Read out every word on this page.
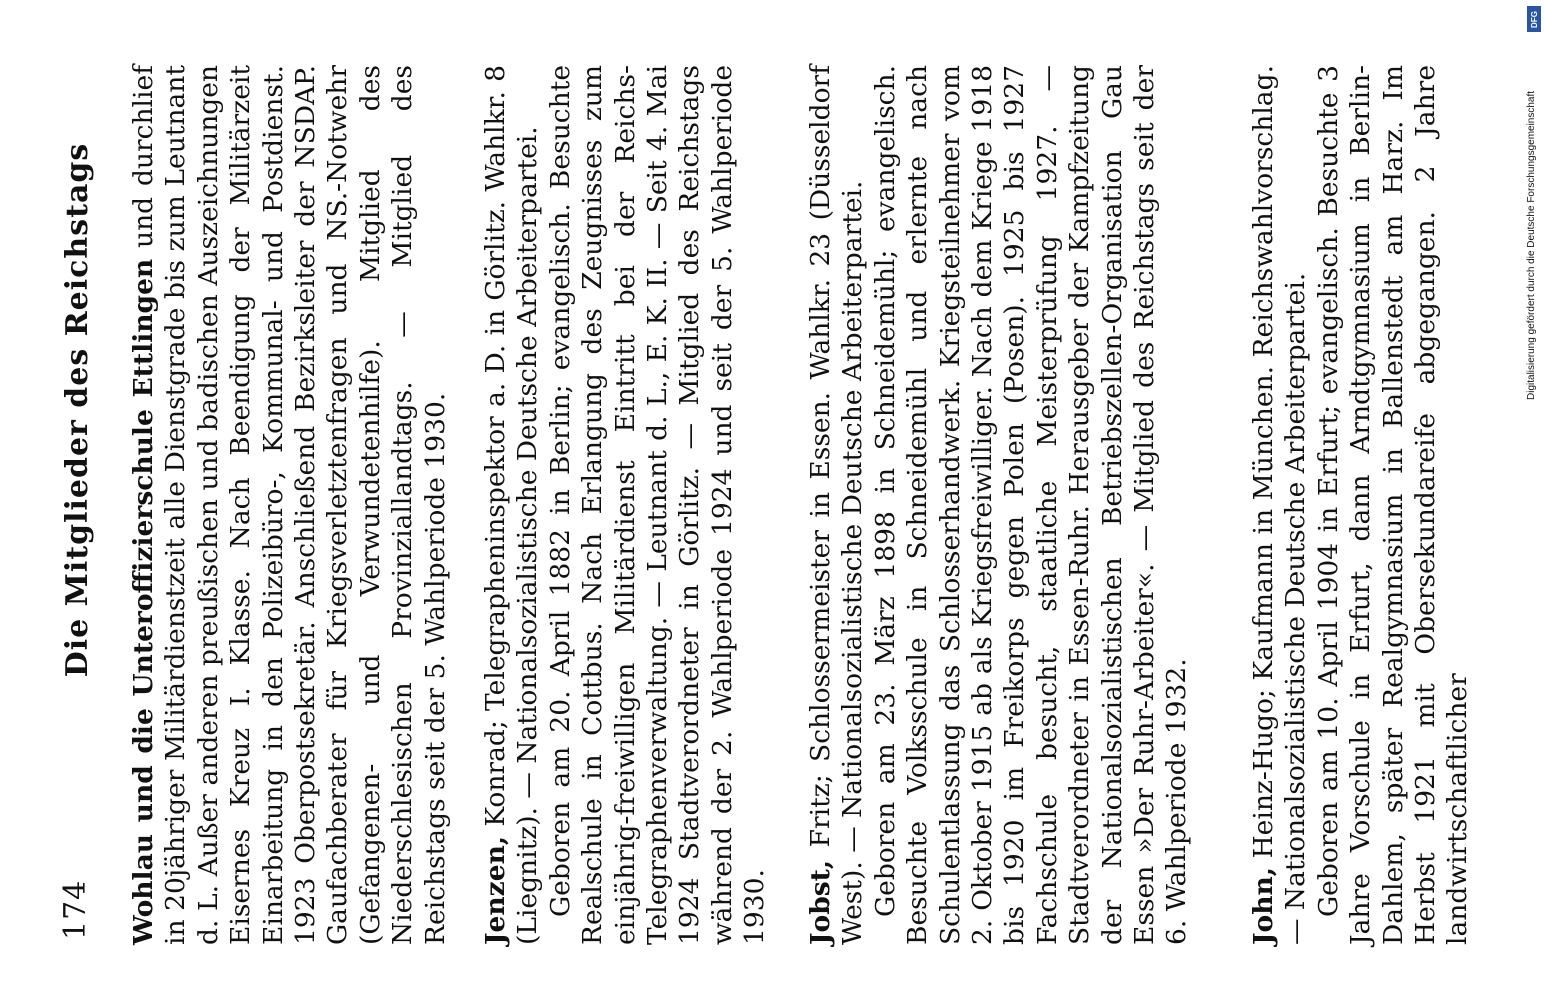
174
Die Mitglieder des Reichstags Wohlau und die Unteroffizierschule Ettlingen und durchlief in 20jähriger Militärdienstzeit alle Dienstgrade bis zum Leutnant d. L. Außer anderen preußischen und badischen Auszeichnungen Eisernes Kreuz I. Klasse. Nach Beendigung der Militärzeit Einarbeitung in den Polizeibüro-, Kommunal- und Postdienst. 1923 Oberpostsekretär. Anschließend Bezirksleiter der NSDAP. Gaufachberater für Kriegsverletztenfragen und NS.-Notwehr (Gefangenen- und Verwundetenhilfe). Mitglied des Niederschlesischen Provinziallandtags. — Mitglied des Reichstags seit der 5. Wahlperiode 1930. Jenzen, Konrad; Telegrapheninspektor a. D. in Görlitz. Wahlkr. 8 (Liegnitz). — Nationalsozialistische Deutsche Arbeiterpartei. Geboren am 20. April 1882 in Berlin; evangelisch. Besuchte Realschule in Cottbus. Nach Erlangung des Zeugnisses zum einjährig-freiwilligen Militärdienst Eintritt bei der Reichs-Telegraphenverwaltung. — Leutnant d. L., E. K. II. — Seit 4. Mai 1924 Stadtverordneter in Görlitz. — Mitglied des Reichstags während der 2. Wahlperiode 1924 und seit der 5. Wahlperiode 1930. Jobst, Fritz; Schlossermeister in Essen. Wahlkr. 23 (Düsseldorf West). — Nationalsozialistische Deutsche Arbeiterpartei. Geboren am 23. März 1898 in Schneidemühl; evangelisch. Besuchte Volksschule in Schneidemühl und erlernte nach Schulentlassung das Schlosserhandwerk. Kriegsteilnehmer vom 2. Oktober 1915 ab als Kriegsfreiwilliger. Nach dem Kriege 1918 bis 1920 im Freikorps gegen Polen (Posen). 1925 bis 1927 Fachschule besucht, staatliche Meisterprüfung 1927. — Stadtverordneter in Essen-Ruhr. Herausgeber der Kampfzeitung der Nationalsozialistischen Betriebszellen-Organisation Gau Essen »Der Ruhr-Arbeiter«. — Mitglied des Reichstags seit der 6. Wahlperiode 1932. John, Heinz-Hugo; Kaufmann in München. Reichswahlvorschlag. — Nationalsozialistische Deutsche Arbeiterpartei. Geboren am 10. April 1904 in Erfurt; evangelisch. Besuchte 3 Jahre Vorschule in Erfurt, dann Arndtgymnasium in Berlin-Dahlem, später Realgymnasium in Ballenstedt am Harz. Im Herbst 1921 mit Obersekundareife abgegangen. 2 Jahre landwirtschaftlicher

DFG
Digitalisierung gefördert durch die Deutsche Forschungsgemeinschaft
